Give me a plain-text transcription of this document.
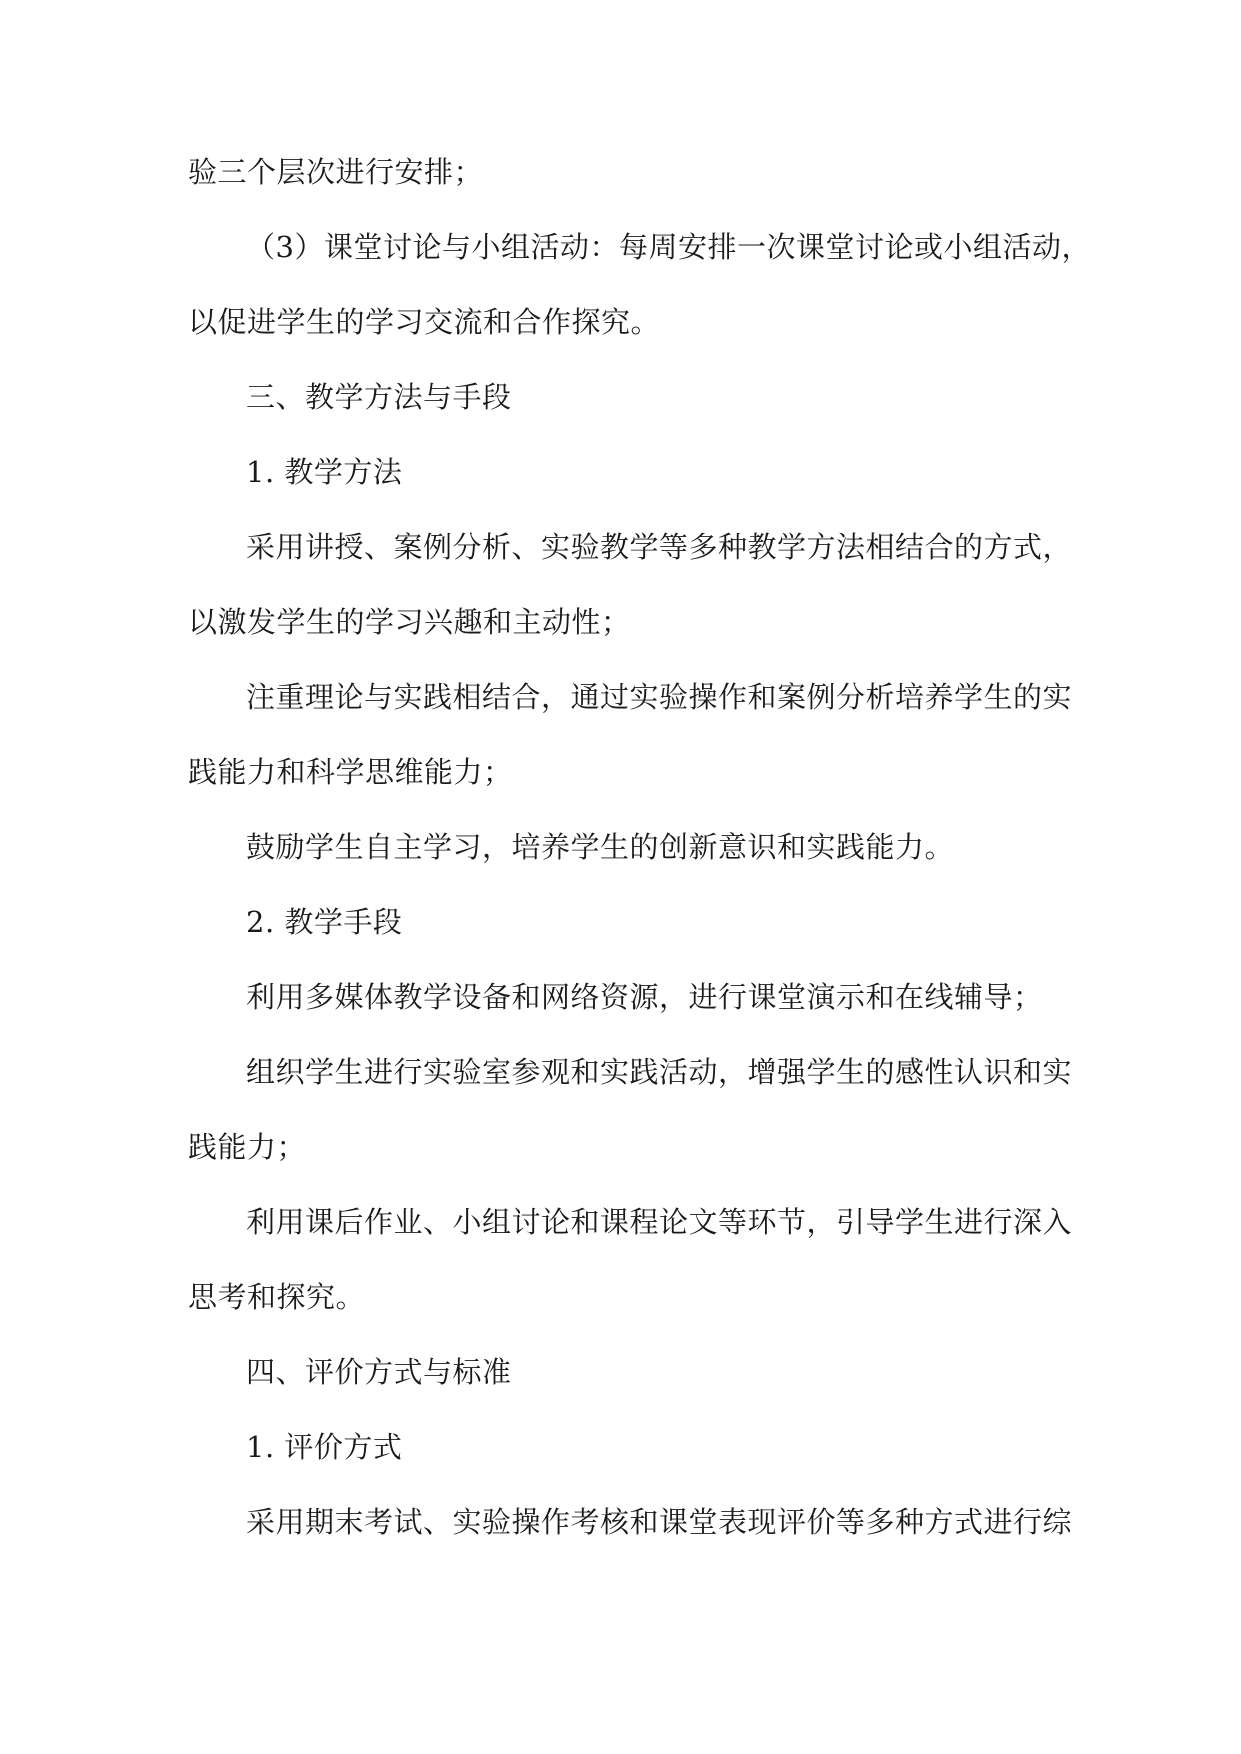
验三个层次进行安排；
（3）课堂讨论与小组活动：每周安排一次课堂讨论或小组活动，
以促进学生的学习交流和合作探究。
三、教学方法与手段
1. 教学方法
采用讲授、案例分析、实验教学等多种教学方法相结合的方式，
以激发学生的学习兴趣和主动性；
注重理论与实践相结合，通过实验操作和案例分析培养学生的实
践能力和科学思维能力；
鼓励学生自主学习，培养学生的创新意识和实践能力。
2. 教学手段
利用多媒体教学设备和网络资源，进行课堂演示和在线辅导；
组织学生进行实验室参观和实践活动，增强学生的感性认识和实
践能力；
利用课后作业、小组讨论和课程论文等环节，引导学生进行深入
思考和探究。
四、评价方式与标准
1. 评价方式
采用期末考试、实验操作考核和课堂表现评价等多种方式进行综
